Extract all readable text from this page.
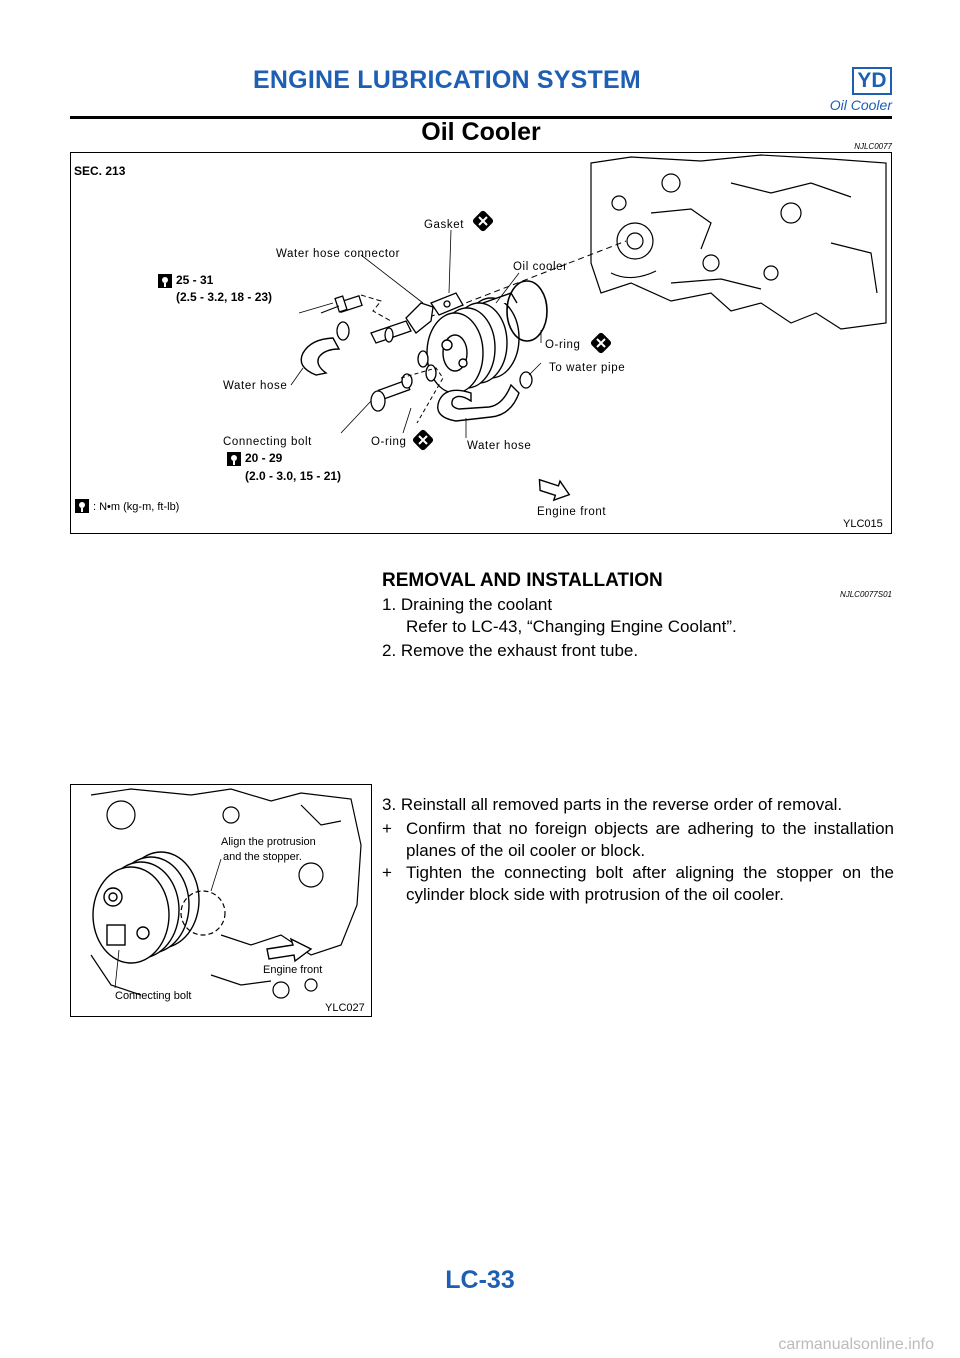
ENGINE LUBRICATION SYSTEM	YD
Oil Cooler
Oil Cooler
NJLC0077
SEC. 213
Gasket
Water hose connector
Oil cooler
25 - 31
(2.5 - 3.2, 18 - 23)
O-ring
To water pipe
Water hose
Connecting bolt	O-ring	Water hose
20 - 29
(2.0 - 3.0, 15 - 21)
: N•m (kg-m, ft-lb)	Engine front
YLC015
REMOVAL AND INSTALLATION
NJLC0077S01
1. Draining the coolant
Refer to LC-43, “Changing Engine Coolant”.
2. Remove the exhaust front tube.
3. Reinstall all removed parts in the reverse order of removal.
+ Confirm that no foreign objects are adhering to the installation planes of the oil cooler or block.
+ Tighten the connecting bolt after aligning the stopper on the cylinder block side with protrusion of the oil cooler.
Align the protrusion
and the stopper.
Engine front
Connecting bolt
YLC027
LC-33
carmanualsonline.info
